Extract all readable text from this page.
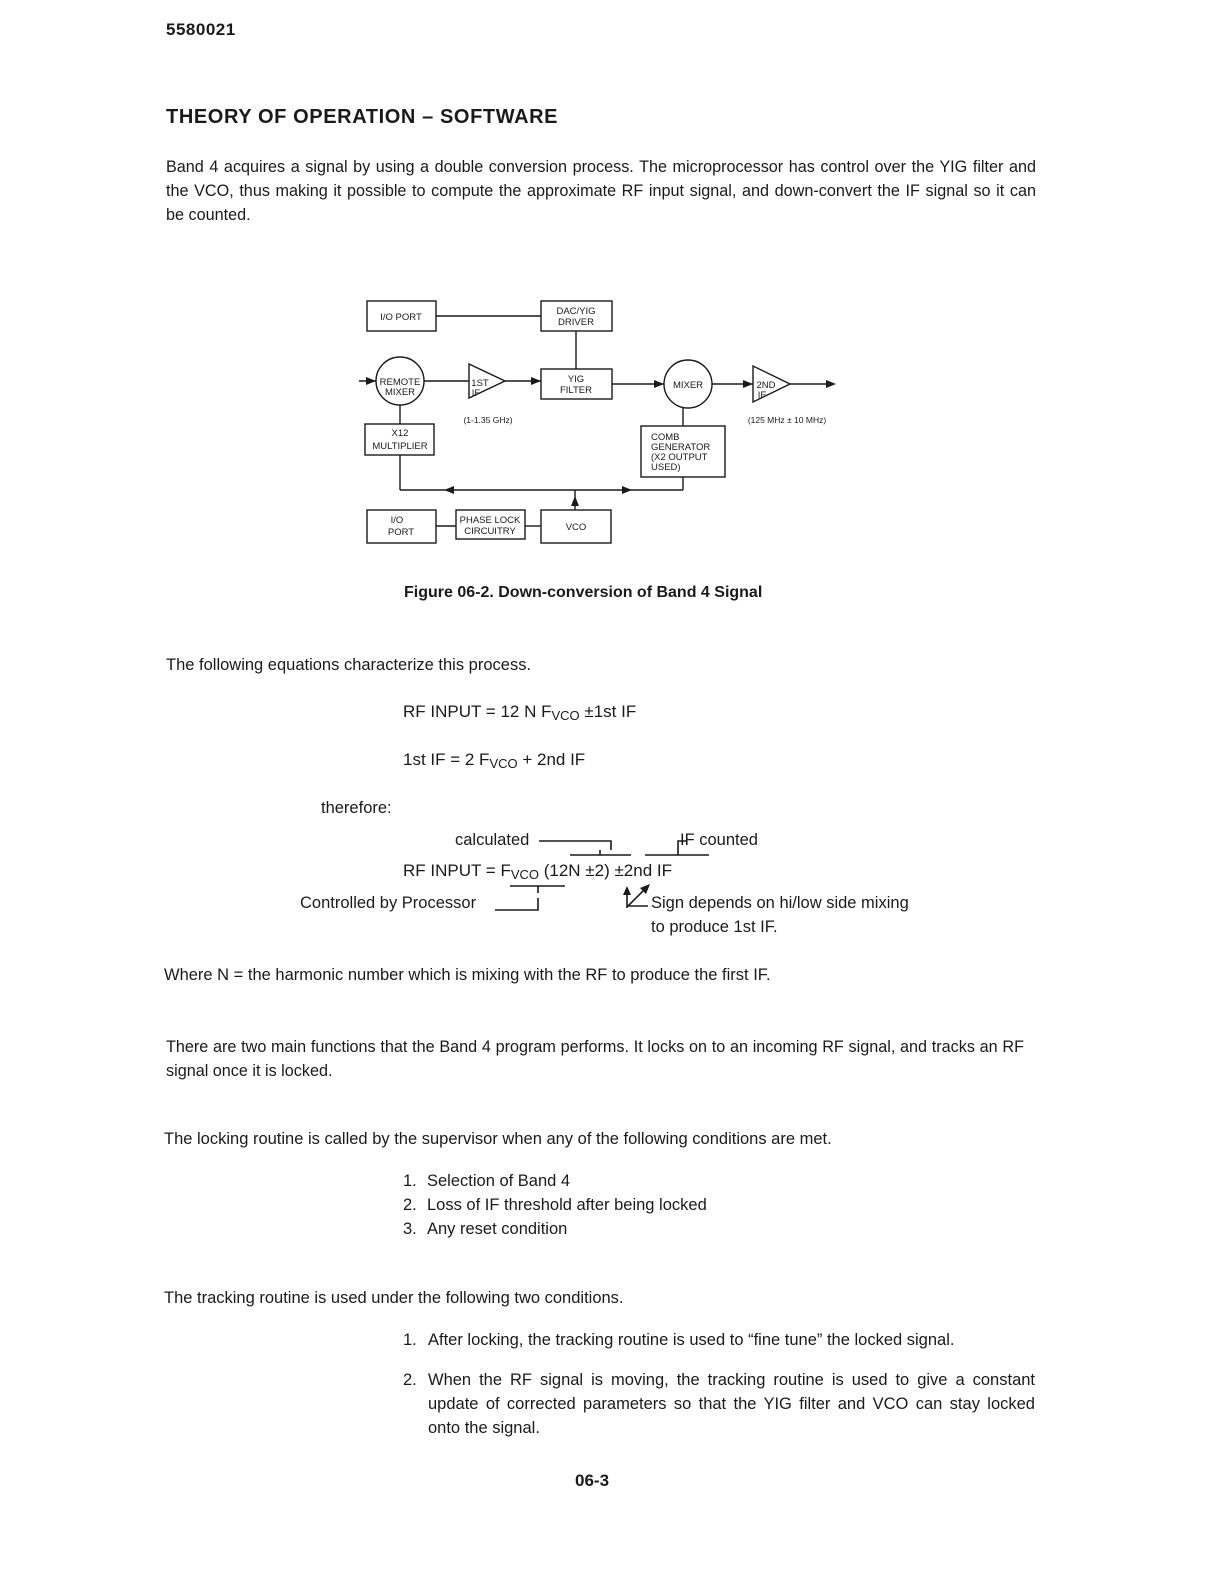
5580021
THEORY OF OPERATION – SOFTWARE
Band 4 acquires a signal by using a double conversion process. The microprocessor has control over the YIG filter and the VCO, thus making it possible to compute the approximate RF input signal, and down-convert the IF signal so it can be counted.
I/O PORT
DAC/YIG
DRIVER
REMOTE
MIXER
1ST
IF
YIG
FILTER	MIXER	2ND
IF
(1-1.35 GHz)	(125 MHz ± 10 MHz)
X12
MULTIPLIER
VCO
PHASE LOCK
CIRCUITRY
I/O
PORT
COMB
GENERATOR
(X2 OUTPUT
USED)
Figure 06-2. Down-conversion of Band 4 Signal
The following equations characterize this process.
RF INPUT = 12 N $F_{VCO} \pm 1st$ IF
1st IF = 2 $F_{VCO} + 2nd$ IF
therefore:
calculated	IF counted
RF INPUT = $F_{VCO}$ (12N ±2) ±2nd IF
Controlled by Processor	Sign depends on hi/low side mixing
to produce 1st IF.
Where N = the harmonic number which is mixing with the RF to produce the first IF.
There are two main functions that the Band 4 program performs. It locks on to an incoming RF signal, and tracks an RF signal once it is locked.
The locking routine is called by the supervisor when any of the following conditions are met.
1. Selection of Band 4
2. Loss of IF threshold after being locked
3. Any reset condition
The tracking routine is used under the following two conditions.
1. After locking, the tracking routine is used to “fine tune” the locked signal.
2. When the RF signal is moving, the tracking routine is used to give a constant update of corrected parameters so that the YIG filter and VCO can stay locked onto the signal.
06-3
